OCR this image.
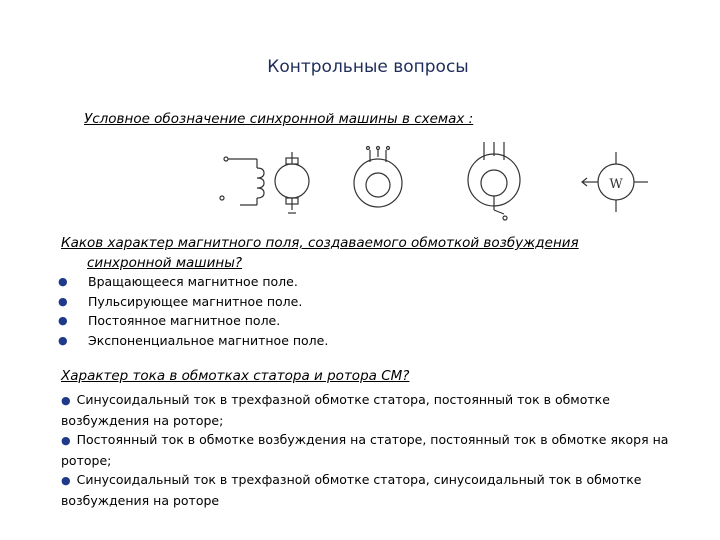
Контрольные вопросы
Условное обозначение синхронной машины в схемах :
W
Каков характер магнитного поля, создаваемого обмоткой возбуждения
синхронной машины?
●	Вращающееся магнитное поле.
●	Пульсирующее магнитное поле.
●	Постоянное магнитное поле.
●	Экспоненциальное магнитное поле.
Характер тока в обмотках статора и ротора СМ?
● Синусоидальный ток в трехфазной обмотке статора, постоянный ток в обмотке возбуждения на роторе;
● Постоянный ток в обмотке возбуждения на статоре, постоянный ток в обмотке якоря на роторе;
● Синусоидальный ток в трехфазной обмотке статора, синусоидальный ток в обмотке возбуждения на роторе
